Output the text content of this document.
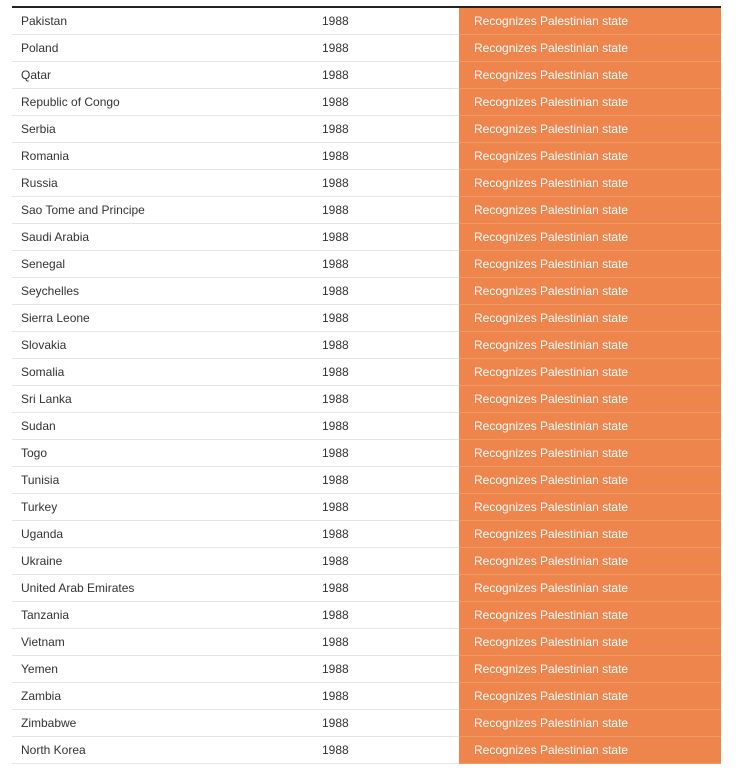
Pakistan	1988	Recognizes Palestinian state
Poland	1988	Recognizes Palestinian state
Qatar	1988	Recognizes Palestinian state
Republic of Congo	1988	Recognizes Palestinian state
Serbia	1988	Recognizes Palestinian state
Romania	1988	Recognizes Palestinian state
Russia	1988	Recognizes Palestinian state
Sao Tome and Principe	1988	Recognizes Palestinian state
Saudi Arabia	1988	Recognizes Palestinian state
Senegal	1988	Recognizes Palestinian state
Seychelles	1988	Recognizes Palestinian state
Sierra Leone	1988	Recognizes Palestinian state
Slovakia	1988	Recognizes Palestinian state
Somalia	1988	Recognizes Palestinian state
Sri Lanka	1988	Recognizes Palestinian state
Sudan	1988	Recognizes Palestinian state
Togo	1988	Recognizes Palestinian state
Tunisia	1988	Recognizes Palestinian state
Turkey	1988	Recognizes Palestinian state
Uganda	1988	Recognizes Palestinian state
Ukraine	1988	Recognizes Palestinian state
United Arab Emirates	1988	Recognizes Palestinian state
Tanzania	1988	Recognizes Palestinian state
Vietnam	1988	Recognizes Palestinian state
Yemen	1988	Recognizes Palestinian state
Zambia	1988	Recognizes Palestinian state
Zimbabwe	1988	Recognizes Palestinian state
North Korea	1988	Recognizes Palestinian state
